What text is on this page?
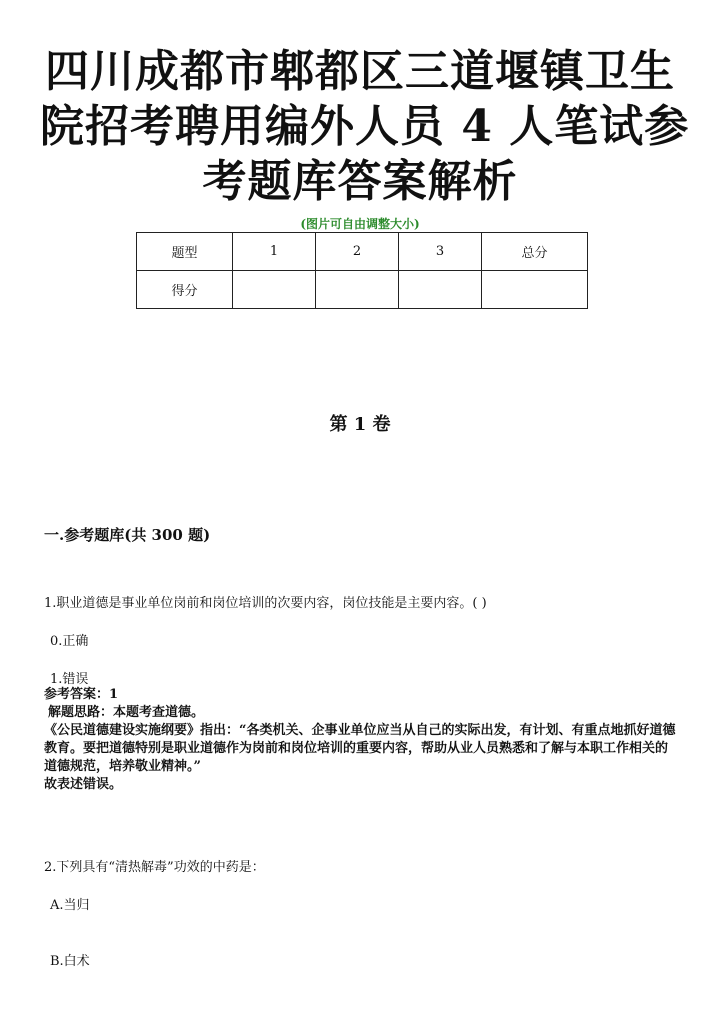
四川成都市郫都区三道堰镇卫生
院招考聘用编外人员 4 人笔试参
考题库答案解析
(图片可自由调整大小)
题型	1	2	3	总分
得分				
第 1 卷
一.参考题库(共 300 题)
1.职业道德是事业单位岗前和岗位培训的次要内容，岗位技能是主要内容。( )
0.正确
1.错误
参考答案：1
解题思路：本题考查道德。
《公民道德建设实施纲要》指出：“各类机关、企事业单位应当从自己的实际出发，有计划、有重点地抓好道德教育。要把道德特别是职业道德作为岗前和岗位培训的重要内容，帮助从业人员熟悉和了解与本职工作相关的道德规范，培养敬业精神。”
故表述错误。
2.下列具有“清热解毒”功效的中药是：
A.当归
B.白术
